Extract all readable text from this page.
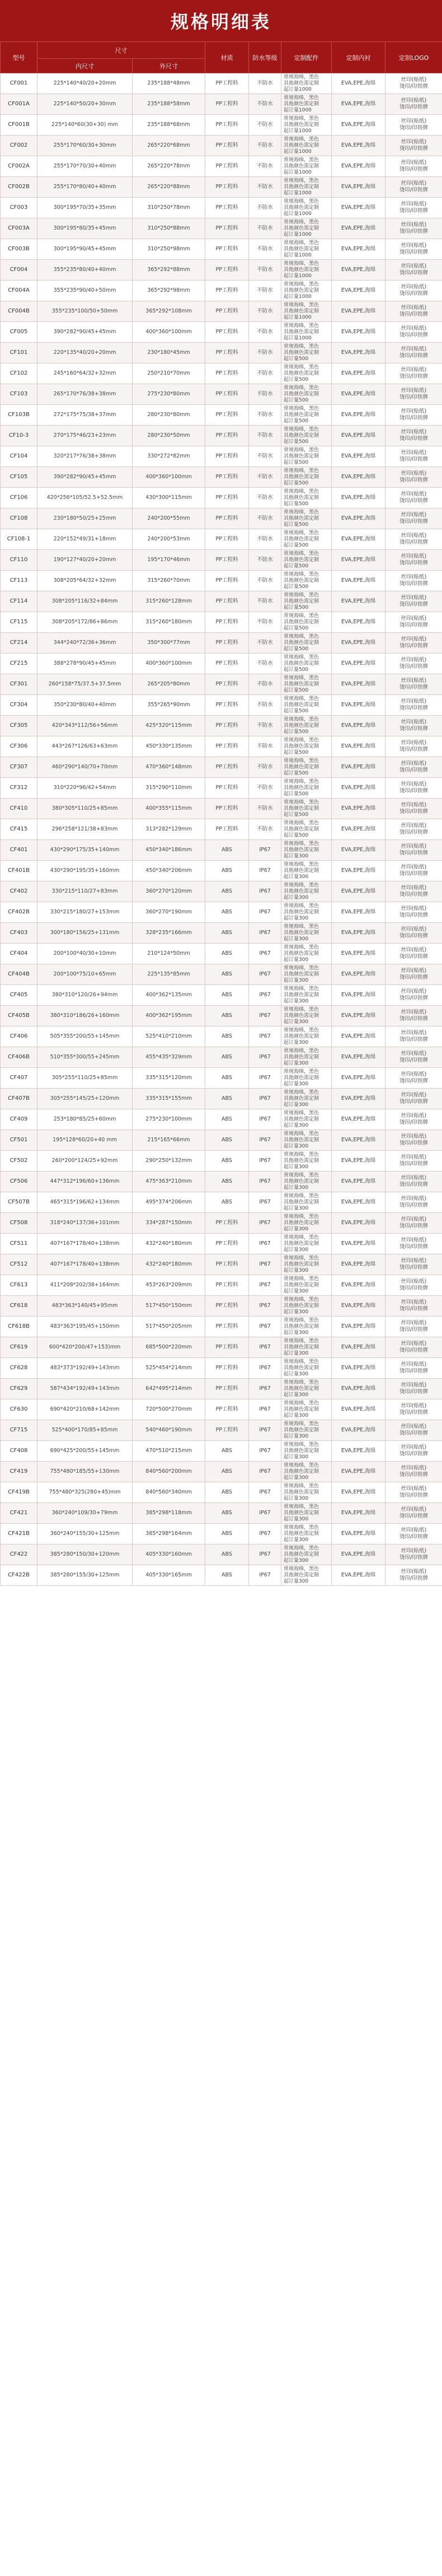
规格明细表
型号	尺寸		材质	防水等级	定制配件	定制内衬	定制LOGO
	内尺寸	外尺寸					
CF001	225*140*40/20+20mm	235*188*48mm	PP工程料	不防水	常规海绵，黑色
其他颜色需定制
起订量1000	EVA,EPE,海绵	丝印(贴纸)
烫印/印铁牌
CF001A	225*140*50/20+30mm	235*188*58mm	PP工程料	不防水	常规海绵，黑色
其他颜色需定制
起订量1000	EVA,EPE,海绵	丝印(贴纸)
烫印/印铁牌
CF001B	225*140*60(30+30) mm	235*188*68mm	PP工程料	不防水	常规海绵，黑色
其他颜色需定制
起订量1000	EVA,EPE,海绵	丝印(贴纸)
烫印/印铁牌
CF002	255*170*60/30+30mm	265*220*68mm	PP工程料	不防水	常规海绵，黑色
其他颜色需定制
起订量1000	EVA,EPE,海绵	丝印(贴纸)
烫印/印铁牌
CF002A	255*170*70/30+40mm	265*220*78mm	PP工程料	不防水	常规海绵，黑色
其他颜色需定制
起订量1000	EVA,EPE,海绵	丝印(贴纸)
烫印/印铁牌
CF002B	255*170*80/40+40mm	265*220*88mm	PP工程料	不防水	常规海绵，黑色
其他颜色需定制
起订量1000	EVA,EPE,海绵	丝印(贴纸)
烫印/印铁牌
CF003	300*195*70/35+35mm	310*250*78mm	PP工程料	不防水	常规海绵，黑色
其他颜色需定制
起订量1000	EVA,EPE,海绵	丝印(贴纸)
烫印/印铁牌
CF003A	300*195*80/35+45mm	310*250*88mm	PP工程料	不防水	常规海绵，黑色
其他颜色需定制
起订量1000	EVA,EPE,海绵	丝印(贴纸)
烫印/印铁牌
CF003B	300*195*90/45+45mm	310*250*98mm	PP工程料	不防水	常规海绵，黑色
其他颜色需定制
起订量1000	EVA,EPE,海绵	丝印(贴纸)
烫印/印铁牌
CF004	355*235*80/40+40mm	365*292*88mm	PP工程料	不防水	常规海绵，黑色
其他颜色需定制
起订量1000	EVA,EPE,海绵	丝印(贴纸)
烫印/印铁牌
CF004A	355*235*90/40+50mm	365*292*98mm	PP工程料	不防水	常规海绵，黑色
其他颜色需定制
起订量1000	EVA,EPE,海绵	丝印(贴纸)
烫印/印铁牌
CF004B	355*235*100/50+50mm	365*292*108mm	PP工程料	不防水	常规海绵，黑色
其他颜色需定制
起订量1000	EVA,EPE,海绵	丝印(贴纸)
烫印/印铁牌
CF005	390*282*90/45+45mm	400*360*100mm	PP工程料	不防水	常规海绵，黑色
其他颜色需定制
起订量1000	EVA,EPE,海绵	丝印(贴纸)
烫印/印铁牌
CF101	220*135*40/20+20mm	230*180*45mm	PP工程料	不防水	常规海绵，黑色
其他颜色需定制
起订量500	EVA,EPE,海绵	丝印(贴纸)
烫印/印铁牌
CF102	245*160*64/32+32mm	250*210*70mm	PP工程料	不防水	常规海绵，黑色
其他颜色需定制
起订量500	EVA,EPE,海绵	丝印(贴纸)
烫印/印铁牌
CF103	265*170*76/38+38mm	275*230*80mm	PP工程料	不防水	常规海绵，黑色
其他颜色需定制
起订量500	EVA,EPE,海绵	丝印(贴纸)
烫印/印铁牌
CF103B	272*175*75/38+37mm	280*230*80mm	PP工程料	不防水	常规海绵，黑色
其他颜色需定制
起订量500	EVA,EPE,海绵	丝印(贴纸)
烫印/印铁牌
CF10-3	270*175*46/23+23mm	280*230*50mm	PP工程料	不防水	常规海绵，黑色
其他颜色需定制
起订量500	EVA,EPE,海绵	丝印(贴纸)
烫印/印铁牌
CF104	320*217*76/38+38mm	330*272*82mm	PP工程料	不防水	常规海绵，黑色
其他颜色需定制
起订量500	EVA,EPE,海绵	丝印(贴纸)
烫印/印铁牌
CF105	390*282*90/45+45mm	400*360*100mm	PP工程料	不防水	常规海绵，黑色
其他颜色需定制
起订量500	EVA,EPE,海绵	丝印(贴纸)
烫印/印铁牌
CF106	420*256*105/52.5+52.5mm	430*300*115mm	PP工程料	不防水	常规海绵，黑色
其他颜色需定制
起订量500	EVA,EPE,海绵	丝印(贴纸)
烫印/印铁牌
CF108	230*180*50/25+25mm	240*200*55mm	PP工程料	不防水	常规海绵，黑色
其他颜色需定制
起订量500	EVA,EPE,海绵	丝印(贴纸)
烫印/印铁牌
CF108-1	220*152*49/31+18mm	240*200*53mm	PP工程料	不防水	常规海绵，黑色
其他颜色需定制
起订量500	EVA,EPE,海绵	丝印(贴纸)
烫印/印铁牌
CF110	190*127*40/20+20mm	195*170*46mm	PP工程料	不防水	常规海绵，黑色
其他颜色需定制
起订量500	EVA,EPE,海绵	丝印(贴纸)
烫印/印铁牌
CF113	308*205*64/32+32mm	315*260*70mm	PP工程料	不防水	常规海绵，黑色
其他颜色需定制
起订量500	EVA,EPE,海绵	丝印(贴纸)
烫印/印铁牌
CF114	308*205*116/32+84mm	315*260*128mm	PP工程料	不防水	常规海绵，黑色
其他颜色需定制
起订量500	EVA,EPE,海绵	丝印(贴纸)
烫印/印铁牌
CF115	308*205*172/86+86mm	315*260*180mm	PP工程料	不防水	常规海绵，黑色
其他颜色需定制
起订量500	EVA,EPE,海绵	丝印(贴纸)
烫印/印铁牌
CF214	344*240*72/36+36mm	350*300*77mm	PP工程料	不防水	常规海绵，黑色
其他颜色需定制
起订量500	EVA,EPE,海绵	丝印(贴纸)
烫印/印铁牌
CF215	388*278*90/45+45mm	400*360*100mm	PP工程料	不防水	常规海绵，黑色
其他颜色需定制
起订量500	EVA,EPE,海绵	丝印(贴纸)
烫印/印铁牌
CF301	260*158*75/37.5+37.5mm	265*205*80mm	PP工程料	不防水	常规海绵，黑色
其他颜色需定制
起订量500	EVA,EPE,海绵	丝印(贴纸)
烫印/印铁牌
CF304	350*230*80/40+40mm	355*265*90mm	PP工程料	不防水	常规海绵，黑色
其他颜色需定制
起订量500	EVA,EPE,海绵	丝印(贴纸)
烫印/印铁牌
CF305	420*343*112/56+56mm	425*320*115mm	PP工程料	不防水	常规海绵，黑色
其他颜色需定制
起订量500	EVA,EPE,海绵	丝印(贴纸)
烫印/印铁牌
CF306	443*267*126/63+63mm	450*330*135mm	PP工程料	不防水	常规海绵，黑色
其他颜色需定制
起订量500	EVA,EPE,海绵	丝印(贴纸)
烫印/印铁牌
CF307	460*290*140/70+70mm	470*360*148mm	PP工程料	不防水	常规海绵，黑色
其他颜色需定制
起订量500	EVA,EPE,海绵	丝印(贴纸)
烫印/印铁牌
CF312	310*220*96/42+54mm	315*290*110mm	PP工程料	不防水	常规海绵，黑色
其他颜色需定制
起订量500	EVA,EPE,海绵	丝印(贴纸)
烫印/印铁牌
CF410	380*305*110/25+85mm	400*355*115mm	PP工程料	不防水	常规海绵，黑色
其他颜色需定制
起订量500	EVA,EPE,海绵	丝印(贴纸)
烫印/印铁牌
CF415	296*258*121/38+83mm	313*282*129mm	PP工程料	不防水	常规海绵，黑色
其他颜色需定制
起订量500	EVA,EPE,海绵	丝印(贴纸)
烫印/印铁牌
CF401	430*290*175/35+140mm	450*340*186mm	ABS	IP67	常规海绵，黑色
其他颜色需定制
起订量300	EVA,EPE,海绵	丝印(贴纸)
烫印/印铁牌
CF401B	430*290*195/35+160mm	450*340*206mm	ABS	IP67	常规海绵，黑色
其他颜色需定制
起订量300	EVA,EPE,海绵	丝印(贴纸)
烫印/印铁牌
CF402	330*215*110/27+83mm	360*270*120mm	ABS	IP67	常规海绵，黑色
其他颜色需定制
起订量300	EVA,EPE,海绵	丝印(贴纸)
烫印/印铁牌
CF402B	330*215*180/27+153mm	360*270*190mm	ABS	IP67	常规海绵，黑色
其他颜色需定制
起订量300	EVA,EPE,海绵	丝印(贴纸)
烫印/印铁牌
CF403	300*180*156/25+131mm	328*235*166mm	ABS	IP67	常规海绵，黑色
其他颜色需定制
起订量300	EVA,EPE,海绵	丝印(贴纸)
烫印/印铁牌
CF404	200*100*40/30+10mm	210*124*50mm	ABS	IP67	常规海绵，黑色
其他颜色需定制
起订量300	EVA,EPE,海绵	丝印(贴纸)
烫印/印铁牌
CF404B	200*100*75/10+65mm	225*135*85mm	ABS	IP67	常规海绵，黑色
其他颜色需定制
起订量300	EVA,EPE,海绵	丝印(贴纸)
烫印/印铁牌
CF405	380*310*120/26+94mm	400*362*135mm	ABS	IP67	常规海绵，黑色
其他颜色需定制
起订量300	EVA,EPE,海绵	丝印(贴纸)
烫印/印铁牌
CF405B	380*310*186/26+160mm	400*362*195mm	ABS	IP67	常规海绵，黑色
其他颜色需定制
起订量300	EVA,EPE,海绵	丝印(贴纸)
烫印/印铁牌
CF406	505*355*200/55+145mm	525*410*210mm	ABS	IP67	常规海绵，黑色
其他颜色需定制
起订量300	EVA,EPE,海绵	丝印(贴纸)
烫印/印铁牌
CF406B	510*355*300/55+245mm	455*435*329mm	ABS	IP67	常规海绵，黑色
其他颜色需定制
起订量300	EVA,EPE,海绵	丝印(贴纸)
烫印/印铁牌
CF407	305*255*110/25+85mm	335*315*120mm	ABS	IP67	常规海绵，黑色
其他颜色需定制
起订量300	EVA,EPE,海绵	丝印(贴纸)
烫印/印铁牌
CF407B	305*255*145/25+120mm	335*315*155mm	ABS	IP67	常规海绵，黑色
其他颜色需定制
起订量300	EVA,EPE,海绵	丝印(贴纸)
烫印/印铁牌
CF409	253*180*85/25+60mm	275*230*100mm	ABS	IP67	常规海绵，黑色
其他颜色需定制
起订量300	EVA,EPE,海绵	丝印(贴纸)
烫印/印铁牌
CF501	195*128*60/20+40 mm	215*165*66mm	ABS	IP67	常规海绵，黑色
其他颜色需定制
起订量300	EVA,EPE,海绵	丝印(贴纸)
烫印/印铁牌
CF502	260*200*124/25+92mm	290*250*132mm	ABS	IP67	常规海绵，黑色
其他颜色需定制
起订量300	EVA,EPE,海绵	丝印(贴纸)
烫印/印铁牌
CF506	447*312*196/60+136mm	475*363*210mm	ABS	IP67	常规海绵，黑色
其他颜色需定制
起订量300	EVA,EPE,海绵	丝印(贴纸)
烫印/印铁牌
CF507B	465*315*196/62+134mm	495*374*206mm	ABS	IP67	常规海绵，黑色
其他颜色需定制
起订量300	EVA,EPE,海绵	丝印(贴纸)
烫印/印铁牌
CF508	318*240*137/36+101mm	334*287*150mm	PP工程料	IP67	常规海绵，黑色
其他颜色需定制
起订量300	EVA,EPE,海绵	丝印(贴纸)
烫印/印铁牌
CF511	407*167*178/40+138mm	432*240*180mm	PP工程料	IP67	常规海绵，黑色
其他颜色需定制
起订量300	EVA,EPE,海绵	丝印(贴纸)
烫印/印铁牌
CF512	407*167*178/40+138mm	432*240*180mm	PP工程料	IP67	常规海绵，黑色
其他颜色需定制
起订量300	EVA,EPE,海绵	丝印(贴纸)
烫印/印铁牌
CF613	411*208*202/38+164mm	453*263*209mm	PP工程料	IP67	常规海绵，黑色
其他颜色需定制
起订量300	EVA,EPE,海绵	丝印(贴纸)
烫印/印铁牌
CF618	483*363*140/45+95mm	517*450*150mm	PP工程料	IP67	常规海绵，黑色
其他颜色需定制
起订量300	EVA,EPE,海绵	丝印(贴纸)
烫印/印铁牌
CF618B	483*363*195/45+150mm	517*450*205mm	PP工程料	IP67	常规海绵，黑色
其他颜色需定制
起订量300	EVA,EPE,海绵	丝印(贴纸)
烫印/印铁牌
CF619	600*420*200/47+153)mm	685*500*220mm	PP工程料	IP67	常规海绵，黑色
其他颜色需定制
起订量300	EVA,EPE,海绵	丝印(贴纸)
烫印/印铁牌
CF628	483*373*192/49+143mm	525*454*214mm	PP工程料	IP67	常规海绵，黑色
其他颜色需定制
起订量300	EVA,EPE,海绵	丝印(贴纸)
烫印/印铁牌
CF629	587*434*192/49+143mm	642*495*214mm	PP工程料	IP67	常规海绵，黑色
其他颜色需定制
起订量300	EVA,EPE,海绵	丝印(贴纸)
烫印/印铁牌
CF630	690*420*210/68+142mm	720*500*270mm	PP工程料	IP67	常规海绵，黑色
其他颜色需定制
起订量300	EVA,EPE,海绵	丝印(贴纸)
烫印/印铁牌
CF715	525*400*170/85+85mm	540*460*190mm	PP工程料	IP67	常规海绵，黑色
其他颜色需定制
起订量300	EVA,EPE,海绵	丝印(贴纸)
烫印/印铁牌
CF408	690*425*200/55+145mm	470*510*215mm	ABS	IP67	常规海绵，黑色
其他颜色需定制
起订量300	EVA,EPE,海绵	丝印(贴纸)
烫印/印铁牌
CF419	755*480*185/55+130mm	840*560*200mm	ABS	IP67	常规海绵，黑色
其他颜色需定制
起订量300	EVA,EPE,海绵	丝印(贴纸)
烫印/印铁牌
CF419B	755*480*325(280+45)mm	840*560*340mm	ABS	IP67	常规海绵，黑色
其他颜色需定制
起订量300	EVA,EPE,海绵	丝印(贴纸)
烫印/印铁牌
CF421	360*240*109/30+79mm	385*298*118mm	ABS	IP67	常规海绵，黑色
其他颜色需定制
起订量300	EVA,EPE,海绵	丝印(贴纸)
烫印/印铁牌
CF421B	360*240*155/30+125mm	385*298*164mm	ABS	IP67	常规海绵，黑色
其他颜色需定制
起订量300	EVA,EPE,海绵	丝印(贴纸)
烫印/印铁牌
CF422	385*280*150/30+120mm	405*330*160mm	ABS	IP67	常规海绵，黑色
其他颜色需定制
起订量300	EVA,EPE,海绵	丝印(贴纸)
烫印/印铁牌
CF422B	385*280*155/30+125mm	405*330*165mm	ABS	IP67	常规海绵，黑色
其他颜色需定制
起订量300	EVA,EPE,海绵	丝印(贴纸)
烫印/印铁牌
